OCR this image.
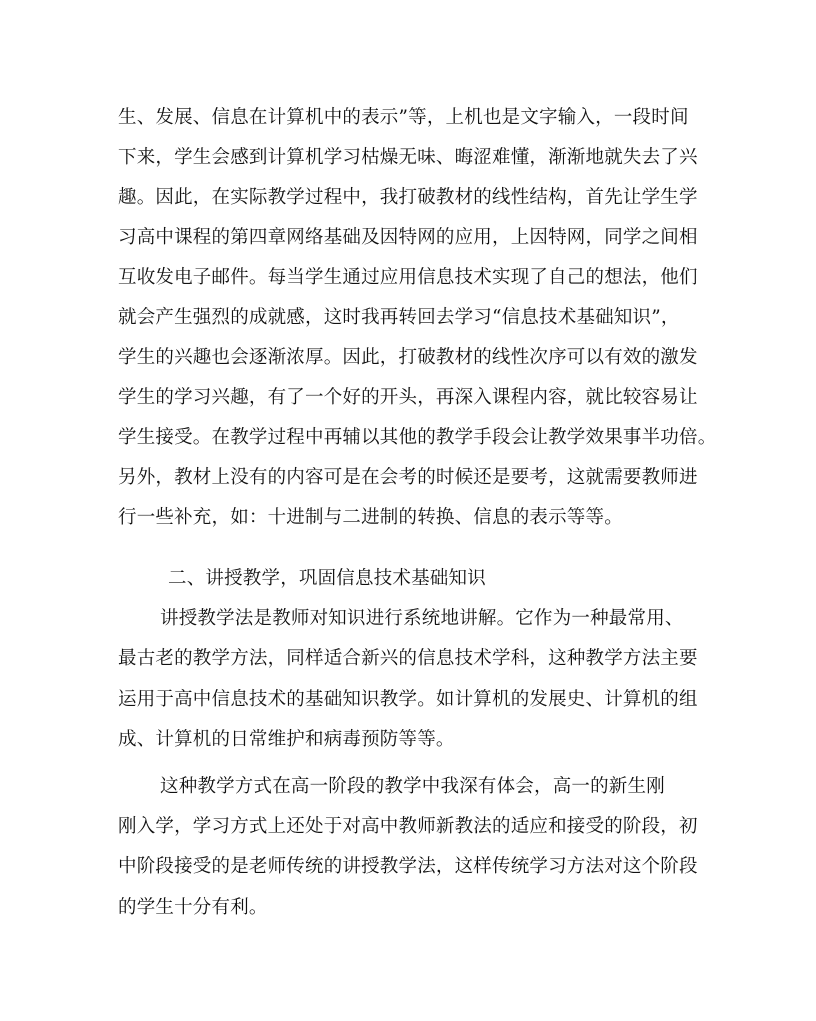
生、发展、信息在计算机中的表示”等，上机也是文字输入，一段时间
下来，学生会感到计算机学习枯燥无味、晦涩难懂，渐渐地就失去了兴
趣。因此，在实际教学过程中，我打破教材的线性结构，首先让学生学
习高中课程的第四章网络基础及因特网的应用，上因特网，同学之间相
互收发电子邮件。每当学生通过应用信息技术实现了自己的想法，他们
就会产生强烈的成就感，这时我再转回去学习“信息技术基础知识”，
学生的兴趣也会逐渐浓厚。因此，打破教材的线性次序可以有效的激发
学生的学习兴趣，有了一个好的开头，再深入课程内容，就比较容易让
学生接受。在教学过程中再辅以其他的教学手段会让教学效果事半功倍。
另外，教材上没有的内容可是在会考的时候还是要考，这就需要教师进
行一些补充，如：十进制与二进制的转换、信息的表示等等。
二、讲授教学，巩固信息技术基础知识
讲授教学法是教师对知识进行系统地讲解。它作为一种最常用、
最古老的教学方法，同样适合新兴的信息技术学科，这种教学方法主要
运用于高中信息技术的基础知识教学。如计算机的发展史、计算机的组
成、计算机的日常维护和病毒预防等等。
这种教学方式在高一阶段的教学中我深有体会，高一的新生刚
刚入学，学习方式上还处于对高中教师新教法的适应和接受的阶段，初
中阶段接受的是老师传统的讲授教学法，这样传统学习方法对这个阶段
的学生十分有利。
